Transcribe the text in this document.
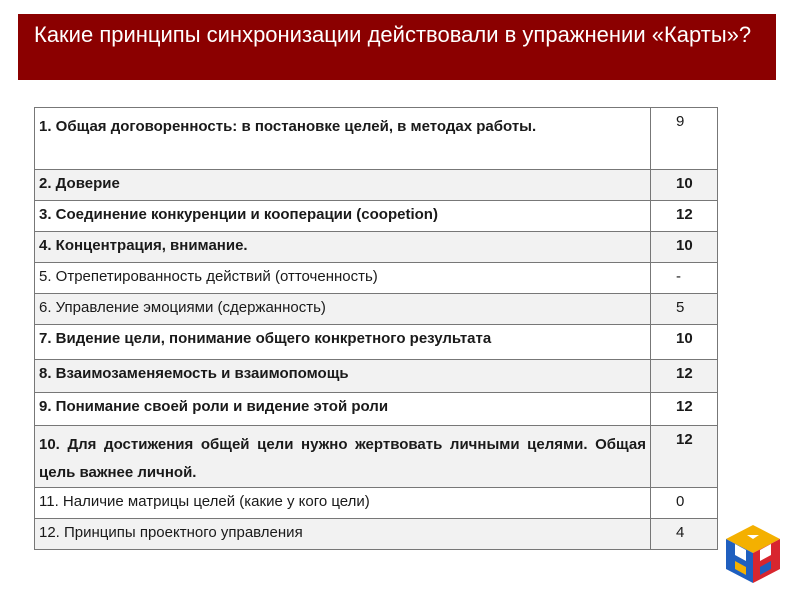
Какие принципы синхронизации действовали в упражнении «Карты»?
1. Общая договоренность: в постановке целей, в методах работы.	9
2. Доверие	10
3. Соединение конкуренции и кооперации (coopetion)	12
4. Концентрация, внимание.	10
5. Отрепетированность действий (отточенность)	-
6. Управление эмоциями (сдержанность)	5
7. Видение цели, понимание общего конкретного результата	10
8. Взаимозаменяемость и взаимопомощь	12
9. Понимание своей роли и видение этой роли	12
10. Для достижения общей цели нужно жертвовать личными целями. Общая цель важнее личной.	12
11. Наличие матрицы целей (какие у кого цели)	0
12. Принципы проектного управления	4
